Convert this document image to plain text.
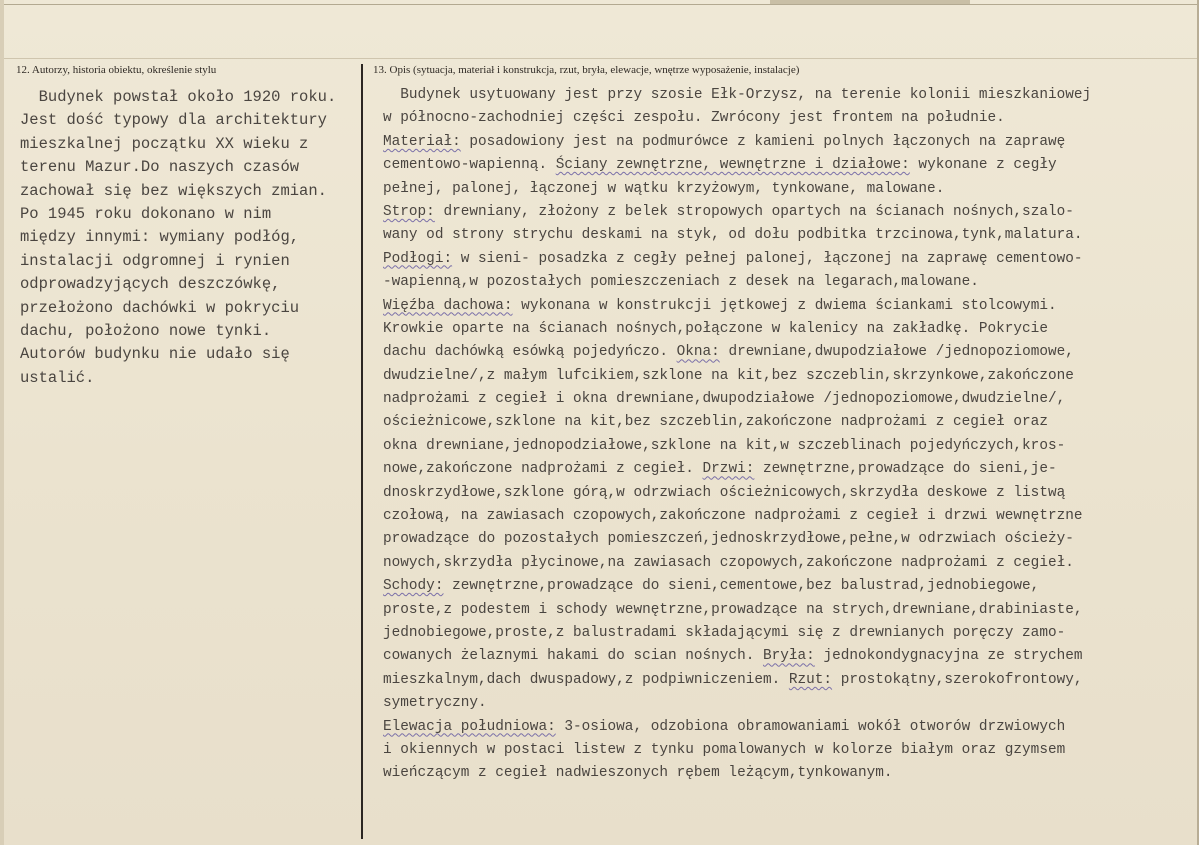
12. Autorzy, historia obiektu, określenie stylu	13. Opis (sytuacja, materiał i konstrukcja, rzut, bryła, elewacje, wnętrze wyposażenie, instalacje)
Budynek powstał około 1920 roku.
Jest dość typowy dla architektury
mieszkalnej początku XX wieku z
terenu Mazur.Do naszych czasów
zachował się bez większych zmian.
Po 1945 roku dokonano w nim
między innymi: wymiany podłóg,
instalacji odgromnej i rynien
odprowadzyjących deszczówkę,
przełożono dachówki w pokryciu
dachu, położono nowe tynki.
Autorów budynku nie udało się
ustalić.
Budynek usytuowany jest przy szosie Ełk-Orzysz, na terenie kolonii mieszkaniowej
w północno-zachodniej części zespołu. Zwrócony jest frontem na południe.
Materiał: posadowiony jest na podmurówce z kamieni polnych łączonych na zaprawę
cementowo-wapienną. Ściany zewnętrzne, wewnętrzne i działowe: wykonane z cegły
pełnej, palonej, łączonej w wątku krzyżowym, tynkowane, malowane.
Strop: drewniany, złożony z belek stropowych opartych na ścianach nośnych,szalo-
wany od strony strychu deskami na styk, od dołu podbitka trzcinowa,tynk,malatura.
Podłogi: w sieni- posadzka z cegły pełnej palonej, łączonej na zaprawę cementowo-
-wapienną,w pozostałych pomieszczeniach z desek na legarach,malowane.
Więźba dachowa: wykonana w konstrukcji jętkowej z dwiema ściankami stolcowymi.
Krowkie oparte na ścianach nośnych,połączone w kalenicy na zakładkę. Pokrycie
dachu dachówką esówką pojedyńczo. Okna: drewniane,dwupodziałowe /jednopoziomowe,
dwudzielne/,z małym lufcikiem,szklone na kit,bez szczeblin,skrzynkowe,zakończone
nadprożami z cegieł i okna drewniane,dwupodziałowe /jednopoziomowe,dwudzielne/,
ościeżnicowe,szklone na kit,bez szczeblin,zakończone nadprożami z cegieł oraz
okna drewniane,jednopodziałowe,szklone na kit,w szczeblinach pojedyńczych,kros-
nowe,zakończone nadprożami z cegieł. Drzwi: zewnętrzne,prowadzące do sieni,je-
dnoskrzydłowe,szklone górą,w odrzwiach ościeżnicowych,skrzydła deskowe z listwą
czołową, na zawiasach czopowych,zakończone nadprożami z cegieł i drzwi wewnętrzne
prowadzące do pozostałych pomieszczeń,jednoskrzydłowe,pełne,w odrzwiach ościeży-
nowych,skrzydła płycinowe,na zawiasach czopowych,zakończone nadprożami z cegieł.
Schody: zewnętrzne,prowadzące do sieni,cementowe,bez balustrad,jednobiegowe,
proste,z podestem i schody wewnętrzne,prowadzące na strych,drewniane,drabiniaste,
jednobiegowe,proste,z balustradami składającymi się z drewnianych poręczy zamo-
cowanych żelaznymi hakami do scian nośnych. Bryła: jednokondygnacyjna ze strychem
mieszkalnym,dach dwuspadowy,z podpiwniczeniem. Rzut: prostokątny,szerokofrontowy,
symetryczny.
Elewacja południowa: 3-osiowa, odzobiona obramowaniami wokół otworów drzwiowych
i okiennych w postaci listew z tynku pomalowanych w kolorze białym oraz gzymsem
wieńczącym z cegieł nadwieszonych rębem leżącym,tynkowanym.
